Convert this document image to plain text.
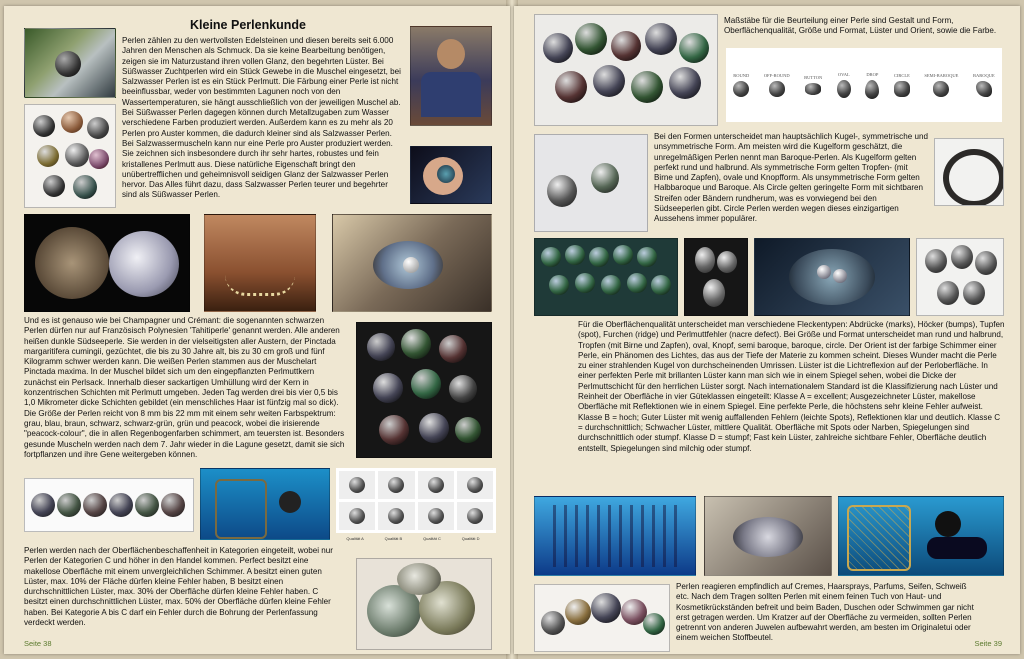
Kleine Perlenkunde
Perlen zählen zu den wertvollsten Edelsteinen und diesen bereits seit 6.000 Jahren den Menschen als Schmuck. Da sie keine Bearbeitung benötigen, zeigen sie im Naturzustand ihren vollen Glanz, den begehrten Lüster. Bei Süßwasser Zuchtperlen wird ein Stück Gewebe in die Muschel eingesetzt, bei Salzwasser Perlen ist es ein Stück Perlmutt. Die Färbung einer Perle ist nicht beeinflussbar, weder von bestimmten Lagunen noch von den Wassertemperaturen, sie hängt ausschließlich von der jeweiligen Muschel ab. Bei Süßwasser Perlen dagegen können durch Metallzugaben zum Wasser verschiedene Farben produziert werden. Außerdem kann es zu mehr als 20 Perlen pro Auster kommen, die dadurch kleiner sind als Salzwasser Perlen. Bei Salzwassermuscheln kann nur eine Perle pro Auster produziert werden. Sie zeichnen sich insbesondere durch ihr sehr hartes, robustes und fein kristallenes Perlmutt aus. Diese natürliche Eigenschaft bringt den unübertrefflichen und geheimnisvoll seidigen Glanz der Salzwasser Perlen hervor. Das Alles führt dazu, dass Salzwasser Perlen teurer und begehrter sind als Süßwasser Perlen.
Und es ist genauso wie bei Champagner und Crémant: die sogenannten schwarzen Perlen dürfen nur auf Französisch Polynesien 'Tahitiperle' genannt werden. Alle anderen heißen dunkle Südseeperle. Sie werden in der vielseitigsten aller Austern, der Pinctada margaritifera cumingii, gezüchtet, die bis zu 30 Jahre alt, bis zu 30 cm groß und fünf Kilogramm schwer werden kann. Die weißen Perlen stammen aus der Muschelart Pinctada maxima. In der Muschel bildet sich um den eingepflanzten Perlmuttkern zunächst ein Perlsack. Innerhalb dieser sackartigen Umhüllung wird der Kern in konzentrischen Schichten mit Perlmutt umgeben. Jeden Tag werden drei bis vier 0,5 bis 1,0 Mikrometer dicke Schichten gebildet (ein menschliches Haar ist fünfzig mal so dick). Die Größe der Perlen reicht von 8 mm bis 22 mm mit einem sehr weiten Farbspektrum: grau, blau, braun, schwarz, schwarz-grün, grün und peacock, wobei die irisierende "peacock-colour", die in allen Regenbogenfarben schimmert, am teuersten ist. Besonders gesunde Muscheln werden nach dem 7. Jahr wieder in die Lagune gesetzt, damit sie sich fortpflanzen und ihre Gene weitergeben können.
Qualität A	Qualität B	Qualität C	Qualität D
Perlen werden nach der Oberflächenbeschaffenheit in Kategorien eingeteilt, wobei nur Perlen der Kategorien C und höher in den Handel kommen. Perfect besitzt eine makellose Oberfläche mit einem unvergleichlichen Schimmer. A besitzt einen guten Lüster, max. 10% der Fläche dürfen kleine Fehler haben, B besitzt einen durchschnittlichen Lüster, max. 30% der Oberfläche dürfen kleine Fehler haben. C besitzt einen durchschnittlichen Lüster, max. 50% der Oberfläche dürfen kleine Fehler haben. Bei Kategorie A bis C darf ein Fehler durch die Bohrung der Perlenfassung verdeckt werden.
Seite 38
Maßstäbe für die Beurteilung einer Perle sind Gestalt und Form, Oberflächenqualität, Größe und Format, Lüster und Orient, sowie die Farbe.
ROUND	OFF-ROUND	BUTTON
OVAL	DROP	CIRCLE	SEMI-BAROQUE	BAROQUE
Bei den Formen unterscheidet man hauptsächlich Kugel-, symmetrische und unsymmetrische Form. Am meisten wird die Kugelform geschätzt, die unregelmäßigen Perlen nennt man Baroque-Perlen. Als Kugelform gelten perfekt rund und halbrund. Als symmetrische Form gelten Tropfen- (mit Birne und Zapfen), ovale und Knopfform. Als unsymmetrische Form gelten Halbbaroque und Baroque. Als Circle gelten geringelte Form mit sichtbaren Streifen oder Bändern rundherum, was es vorwiegend bei den Südseeperlen gibt. Circle Perlen werden wegen dieses einzigartigen Aussehens immer populärer.
Für die Oberflächenqualität unterscheidet man verschiedene Fleckentypen: Abdrücke (marks), Höcker (bumps), Tupfen (spot), Furchen (ridge) und Perlmuttfehler (nacre defect). Bei Größe und Format unterscheidet man rund und halbrund, Tropfen (mit Birne und Zapfen), oval, Knopf, semi baroque, baroque, circle. Der Orient ist der farbige Schimmer einer Perle, ein Phänomen des Lichtes, das aus der Tiefe der Materie zu kommen scheint. Dieses Wunder macht die Perle zu einer strahlenden Kugel von durchscheinenden Umrissen. Lüster ist die Lichtreflexion auf der Perloberfläche. In einer perfekten Perle mit brillanten Lüster kann man sich wie in einem Spiegel sehen, wobei die Dicke der Perlmuttschicht für den herrlichen Lüster sorgt. Nach internationalem Standard ist die Klassifizierung nach Lüster und Reinheit der Oberfläche in vier Güteklassen eingeteilt: Klasse A = excellent; Ausgezeichneter Lüster, makellose Oberfläche mit Reflektionen wie in einem Spiegel. Eine perfekte Perle, die höchstens sehr kleine Fehler aufweist. Klasse B = hoch; Guter Lüster mit wenig auffallenden Fehlern (leichte Spots), Reflektionen klar und deutlich. Klasse C = durchschnittlich; Schwacher Lüster, mittlere Qualität. Oberfläche mit Spots oder Narben, Spiegelungen sind durchschnittlich oder stumpf. Klasse D = stumpf; Fast kein Lüster, zahlreiche sichtbare Fehler, Oberfläche deutlich entstellt, Spiegelungen sind milchig oder stumpf.
Perlen reagieren empfindlich auf Cremes, Haarsprays, Parfums, Seifen, Schweiß etc. Nach dem Tragen sollten Perlen mit einem feinen Tuch von Haut- und Kosmetikrückständen befreit und beim Baden, Duschen oder Schwimmen gar nicht erst getragen werden. Um Kratzer auf der Oberfläche zu vermeiden, sollten Perlen getrennt von anderen Juwelen aufbewahrt werden, am besten im Originaletui oder einem weichen Stoffbeutel.
Seite 39
